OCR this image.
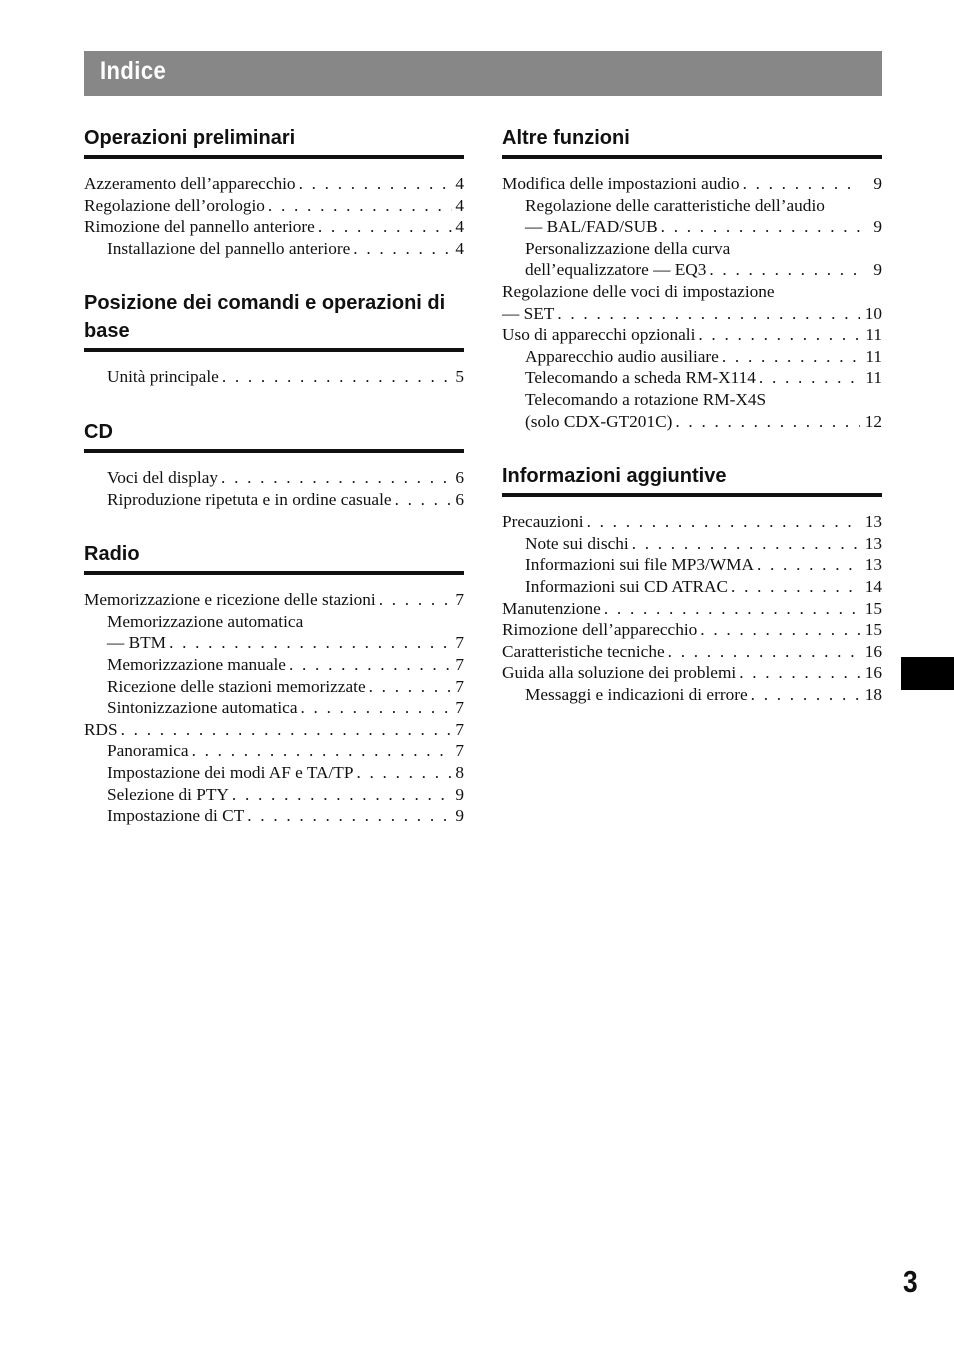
Indice
Operazioni preliminari
Azzeramento dell’apparecchio . . .	4
Regolazione dell’orologio . . .	4
Rimozione del pannello anteriore . . .	4
Installazione del pannello anteriore . . .	4
Posizione dei comandi e operazioni di base
Unità principale . . .	5
CD
Voci del display . . .	6
Riproduzione ripetuta e in ordine casuale . . .	6
Radio
Memorizzazione e ricezione delle stazioni . . .	7
Memorizzazione automatica
— BTM . . .	7
Memorizzazione manuale . . .	7
Ricezione delle stazioni memorizzate . . .	7
Sintonizzazione automatica . . .	7
RDS . . .	7
Panoramica . . .	7
Impostazione dei modi AF e TA/TP . . .	8
Selezione di PTY . . .	9
Impostazione di CT . . .	9
Altre funzioni
Modifica delle impostazioni audio . . .	9
Regolazione delle caratteristiche dell’audio
— BAL/FAD/SUB . . .	9
Personalizzazione della curva
dell’equalizzatore — EQ3 . . .	9
Regolazione delle voci di impostazione
— SET . . .	10
Uso di apparecchi opzionali . . .	11
Apparecchio audio ausiliare . . .	11
Telecomando a scheda RM-X114 . . .	11
Telecomando a rotazione RM-X4S
(solo CDX-GT201C) . . .	12
Informazioni aggiuntive
Precauzioni . . .	13
Note sui dischi . . .	13
Informazioni sui file MP3/WMA . . .	13
Informazioni sui CD ATRAC . . .	14
Manutenzione . . .	15
Rimozione dell’apparecchio . . .	15
Caratteristiche tecniche . . .	16
Guida alla soluzione dei problemi . . .	16
Messaggi e indicazioni di errore . . .	18
3
